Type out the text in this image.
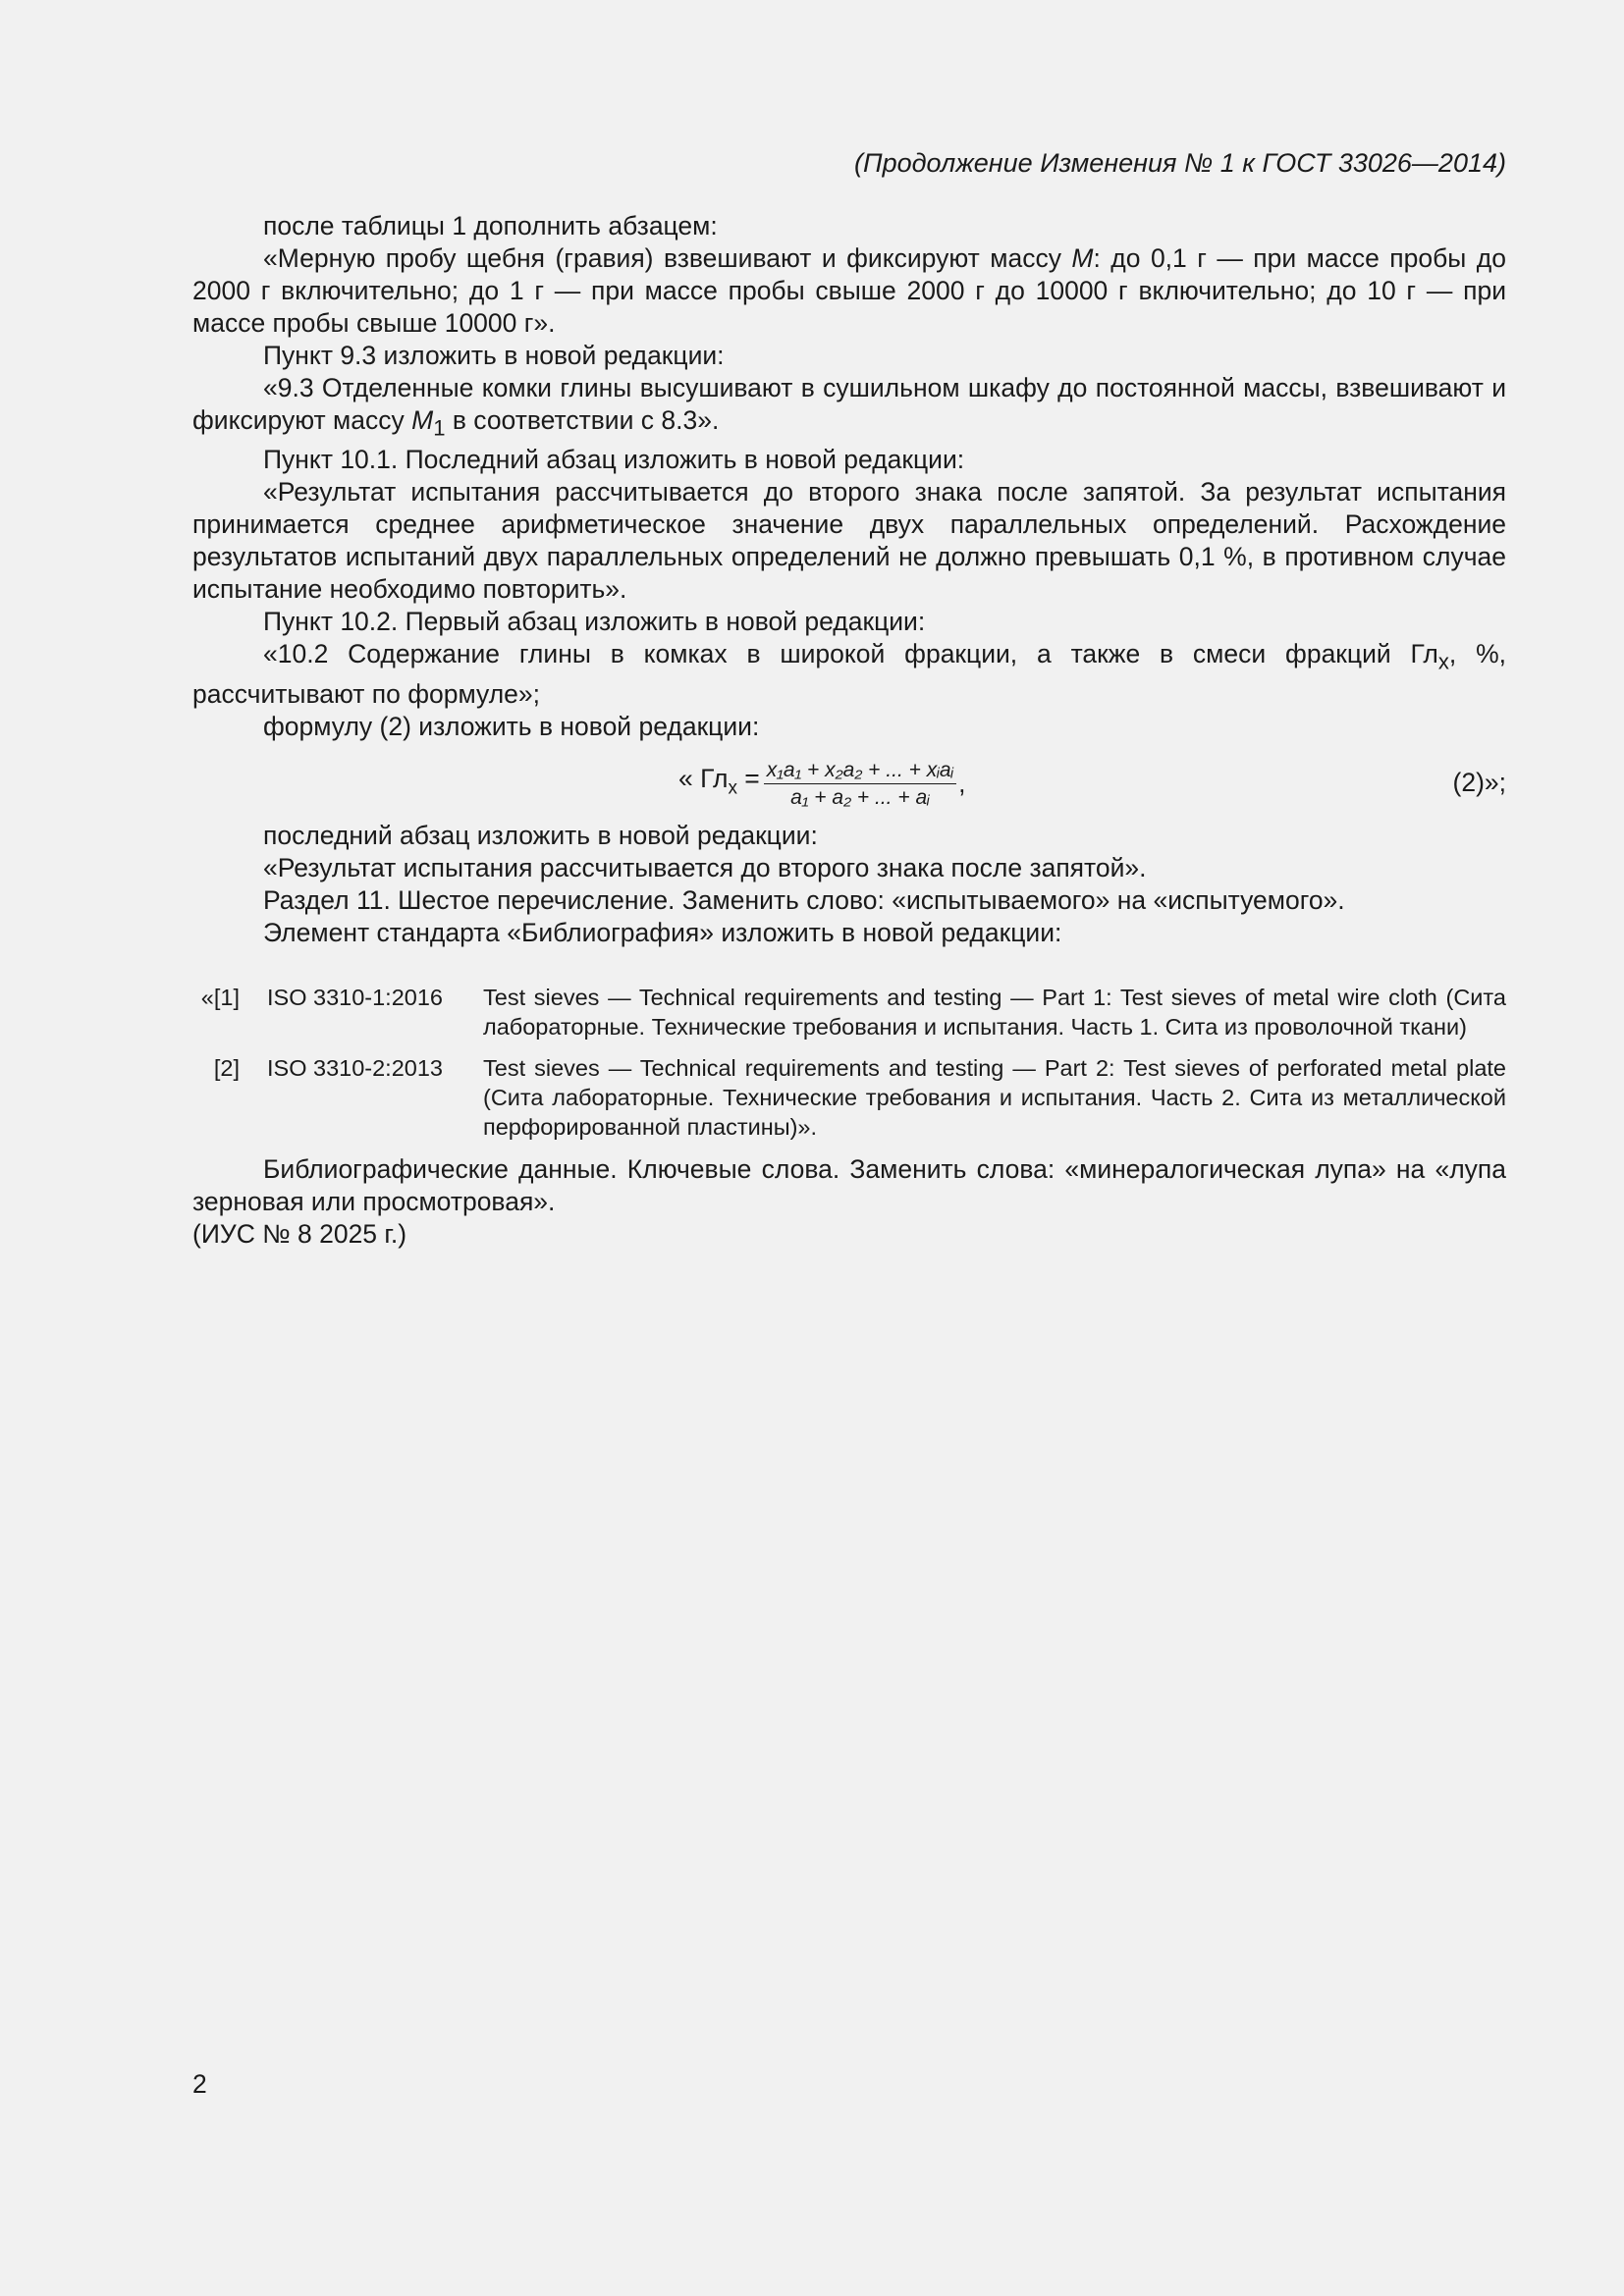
(Продолжение Изменения № 1 к ГОСТ 33026—2014)

после таблицы 1 дополнить абзацем:

«Мерную пробу щебня (гравия) взвешивают и фиксируют массу M: до 0,1 г — при массе пробы до 2000 г включительно; до 1 г — при массе пробы свыше 2000 г до 10000 г включительно; до 10 г — при массе пробы свыше 10000 г».

Пункт 9.3 изложить в новой редакции:

«9.3 Отделенные комки глины высушивают в сушильном шкафу до постоянной массы, взвешивают и фиксируют массу $M_1$ в соответствии с 8.3».

Пункт 10.1. Последний абзац изложить в новой редакции:

«Результат испытания рассчитывается до второго знака после запятой. За результат испытания принимается среднее арифметическое значение двух параллельных определений. Расхождение результатов испытаний двух параллельных определений не должно превышать 0,1 %, в противном случае испытание необходимо повторить».

Пункт 10.2. Первый абзац изложить в новой редакции:

«10.2 Содержание глины в комках в широкой фракции, а также в смеси фракций $Гл_x$, %, рассчитывают по формуле»;

формулу (2) изложить в новой редакции:

« $Гл_x = \frac{\text{x₁a₁ + x₂a₂ + ... + xᵢaᵢ}}{\text{a₁ + a₂ + ... + aᵢ}}$ ,	(2)»;

последний абзац изложить в новой редакции:

«Результат испытания рассчитывается до второго знака после запятой».

Раздел 11. Шестое перечисление. Заменить слово: «испытываемого» на «испытуемого».

Элемент стандарта «Библиография» изложить в новой редакции:

«[1] ISO 3310-1:2016	Test sieves — Technical requirements and testing — Part 1: Test sieves of metal wire cloth (Сита лабораторные. Технические требования и испытания. Часть 1. Сита из проволочной ткани)
[2] ISO 3310-2:2013	Test sieves — Technical requirements and testing — Part 2: Test sieves of perforated metal plate (Сита лабораторные. Технические требования и испытания. Часть 2. Сита из металлической перфорированной пластины)».

Библиографические данные. Ключевые слова. Заменить слова: «минералогическая лупа» на «лупа зерновая или просмотровая».

(ИУС № 8 2025 г.)

2
